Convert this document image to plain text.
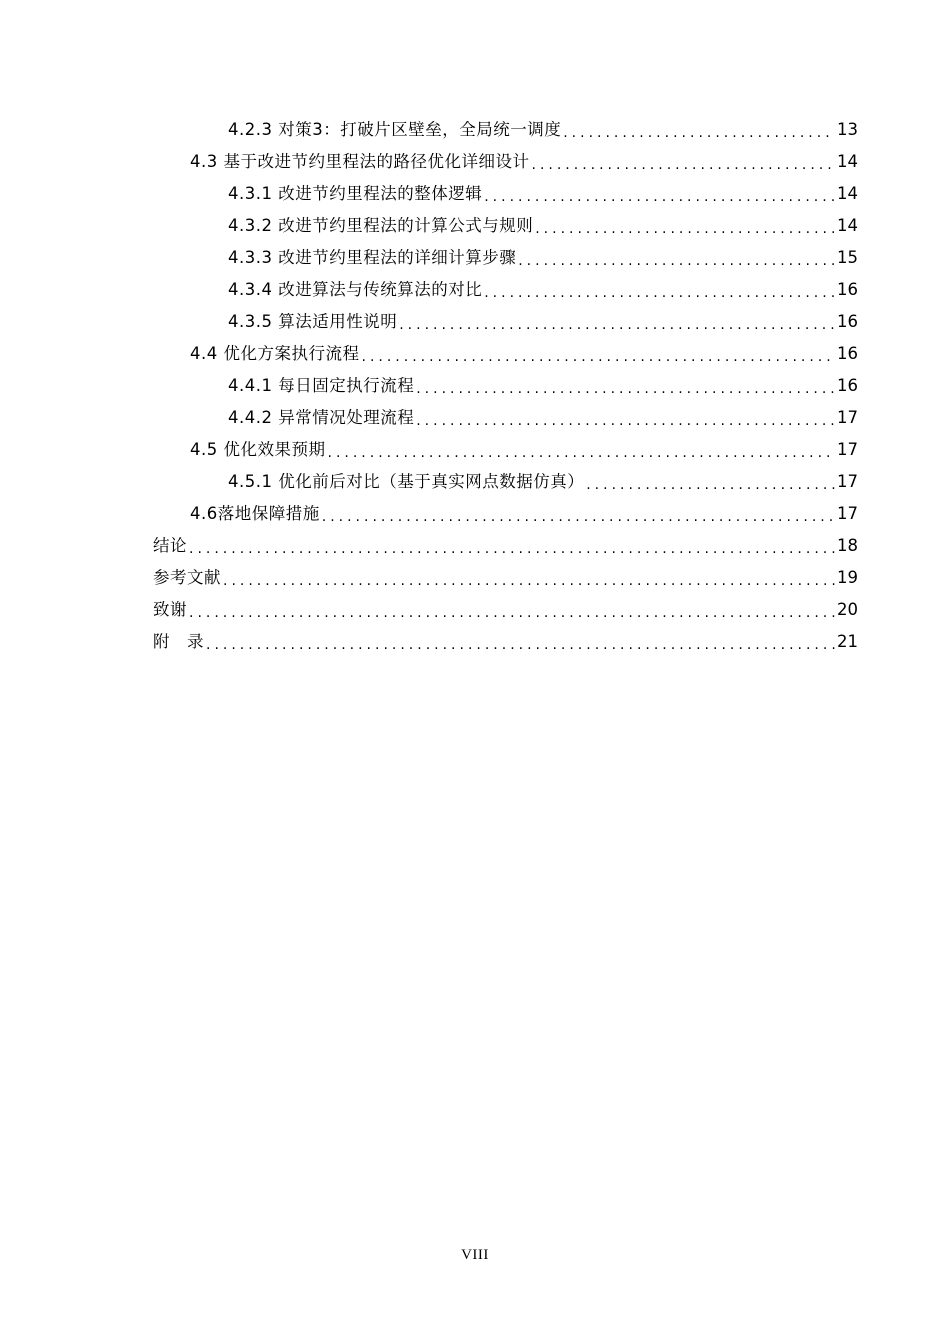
4.2.3 对策3：打破片区壁垒，全局统一调度 .....	13
4.3 基于改进节约里程法的路径优化详细设计 .....	14
4.3.1 改进节约里程法的整体逻辑 .....	14
4.3.2 改进节约里程法的计算公式与规则 .....	14
4.3.3 改进节约里程法的详细计算步骤 .....	15
4.3.4 改进算法与传统算法的对比 .....	16
4.3.5 算法适用性说明 .....	16
4.4 优化方案执行流程 .....	16
4.4.1 每日固定执行流程 .....	16
4.4.2 异常情况处理流程 .....	17
4.5 优化效果预期 .....	17
4.5.1 优化前后对比（基于真实网点数据仿真） .....	17
4.6落地保障措施 .....	17
结论 .....	18
参考文献 .....	19
致谢 .....	20
附　录 .....	21
VIII
